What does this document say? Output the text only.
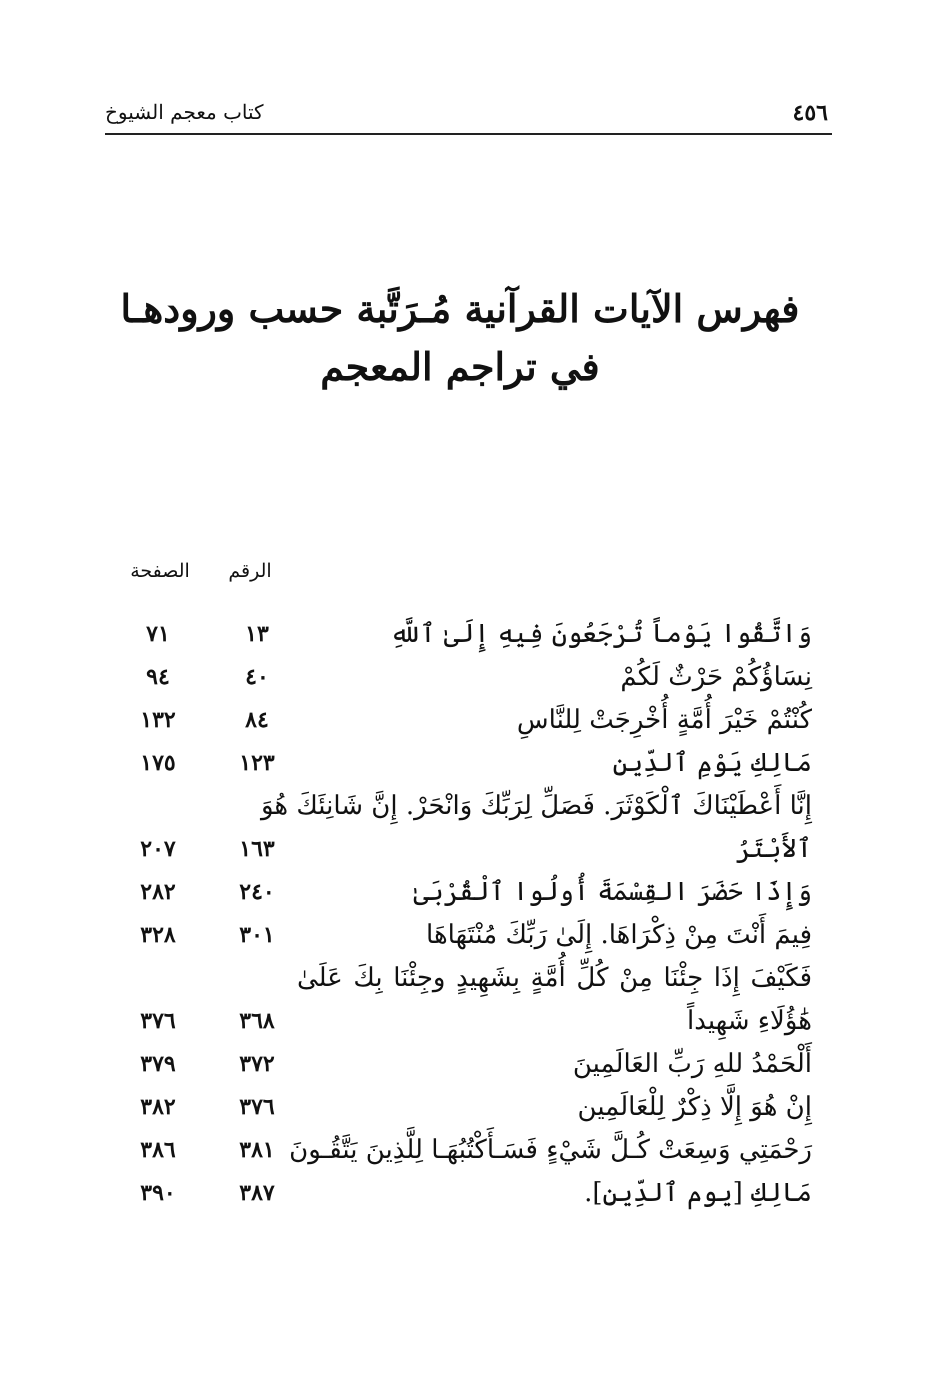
كتاب معجم الشيوخ	٤٥٦
فهرس الآيات القرآنية مُـرَتَّبة حسب ورودهـا في تراجم المعجم
الرقم
الصفحة
وَاتَّقُوا يَوْماً تُرْجَعُونَ فِيهِ إِلَىٰ ٱللَّهِ
١٣
٧١
نِسَاؤُكُمْ حَرْثٌ لَكُمْ
٤٠
٩٤
كُنْتُمْ خَيْرَ أُمَّةٍ أُخْرِجَتْ لِلنَّاسِ
٨٤
١٣٢
مَالِكِ يَوْمِ ٱلدِّينِ
١٢٣
١٧٥
إِنَّا أَعْطَيْنَاكَ ٱلْكَوْثَرَ. فَصَلِّ لِرَبِّكَ وَانْحَرْ. إِنَّ شَانِئَكَ هُوَ
ٱلأَبْتَرُ
١٦٣
٢٠٧
وَإِذَا حَضَرَ القِسْمَةَ أُولُوا ٱلْقُرْبَىٰ
٢٤٠
٢٨٢
فِيمَ أَنْتَ مِنْ ذِكْرَاهَا. إِلَىٰ رَبِّكَ مُنْتَهَاهَا
٣٠١
٣٢٨
فَكَيْفَ إِذَا جِئْنَا مِنْ كُلِّ أُمَّةٍ بِشَهِيدٍ وجِئْنَا بِكَ عَلَىٰ
هَٰؤُلَاءِ شَهِيداً
٣٦٨
٣٧٦
أَلْحَمْدُ للهِ رَبِّ العَالَمِينَ
٣٧٢
٣٧٩
إِنْ هُوَ إِلَّا ذِكْرٌ لِلْعَالَمِين
٣٧٦
٣٨٢
رَحْمَتِي وَسِعَتْ كُـلَّ شَيْءٍ فَسَـأَكْتُبُهَـا لِلَّذِينَ يَتَّقُـونَ
٣٨١
٣٨٦
مَالِكِ [يوم ٱلدِّينِ].
٣٨٧
٣٩٠
